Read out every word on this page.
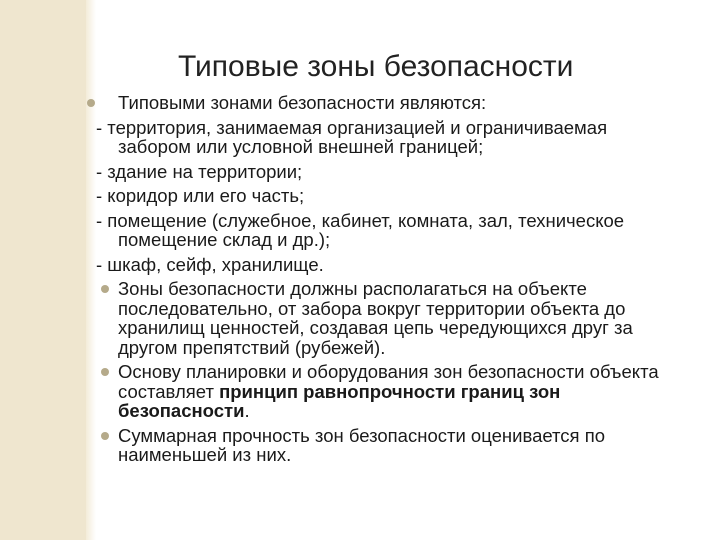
Типовые зоны безопасности
Типовыми зонами безопасности являются:
- территория, занимаемая организацией и ограничиваемая
забором или условной внешней границей;
- здание на территории;
- коридор или его часть;
- помещение (служебное, кабинет, комната, зал, техническое
помещение склад и др.);
- шкаф, сейф, хранилище.
Зоны безопасности должны располагаться на объекте
последовательно, от забора вокруг территории объекта до
хранилищ ценностей, создавая цепь чередующихся друг за
другом препятствий (рубежей).
Основу планировки и оборудования зон безопасности объекта
составляет принцип равнопрочности границ зон
безопасности.
Суммарная прочность зон безопасности оценивается по
наименьшей из них.
